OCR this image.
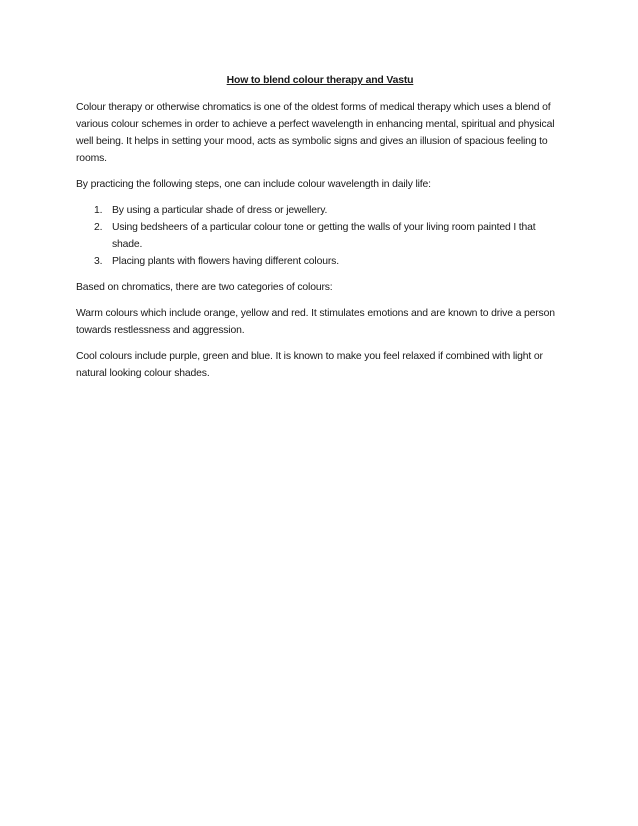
How to blend colour therapy and Vastu

Colour therapy or otherwise chromatics is one of the oldest forms of medical therapy which uses a blend of various colour schemes in order to achieve a perfect wavelength in enhancing mental, spiritual and physical well being. It helps in setting your mood, acts as symbolic signs and gives an illusion of spacious feeling to rooms.

By practicing the following steps, one can include colour wavelength in daily life:

1. By using a particular shade of dress or jewellery.
2. Using bedsheers of a particular colour tone or getting the walls of your living room painted I that shade.
3. Placing plants with flowers having different colours.

Based on chromatics, there are two categories of colours:

Warm colours which include orange, yellow and red. It stimulates emotions and are known to drive a person towards restlessness and aggression.

Cool colours include purple, green and blue. It is known to make you feel relaxed if combined with light or natural looking colour shades.
